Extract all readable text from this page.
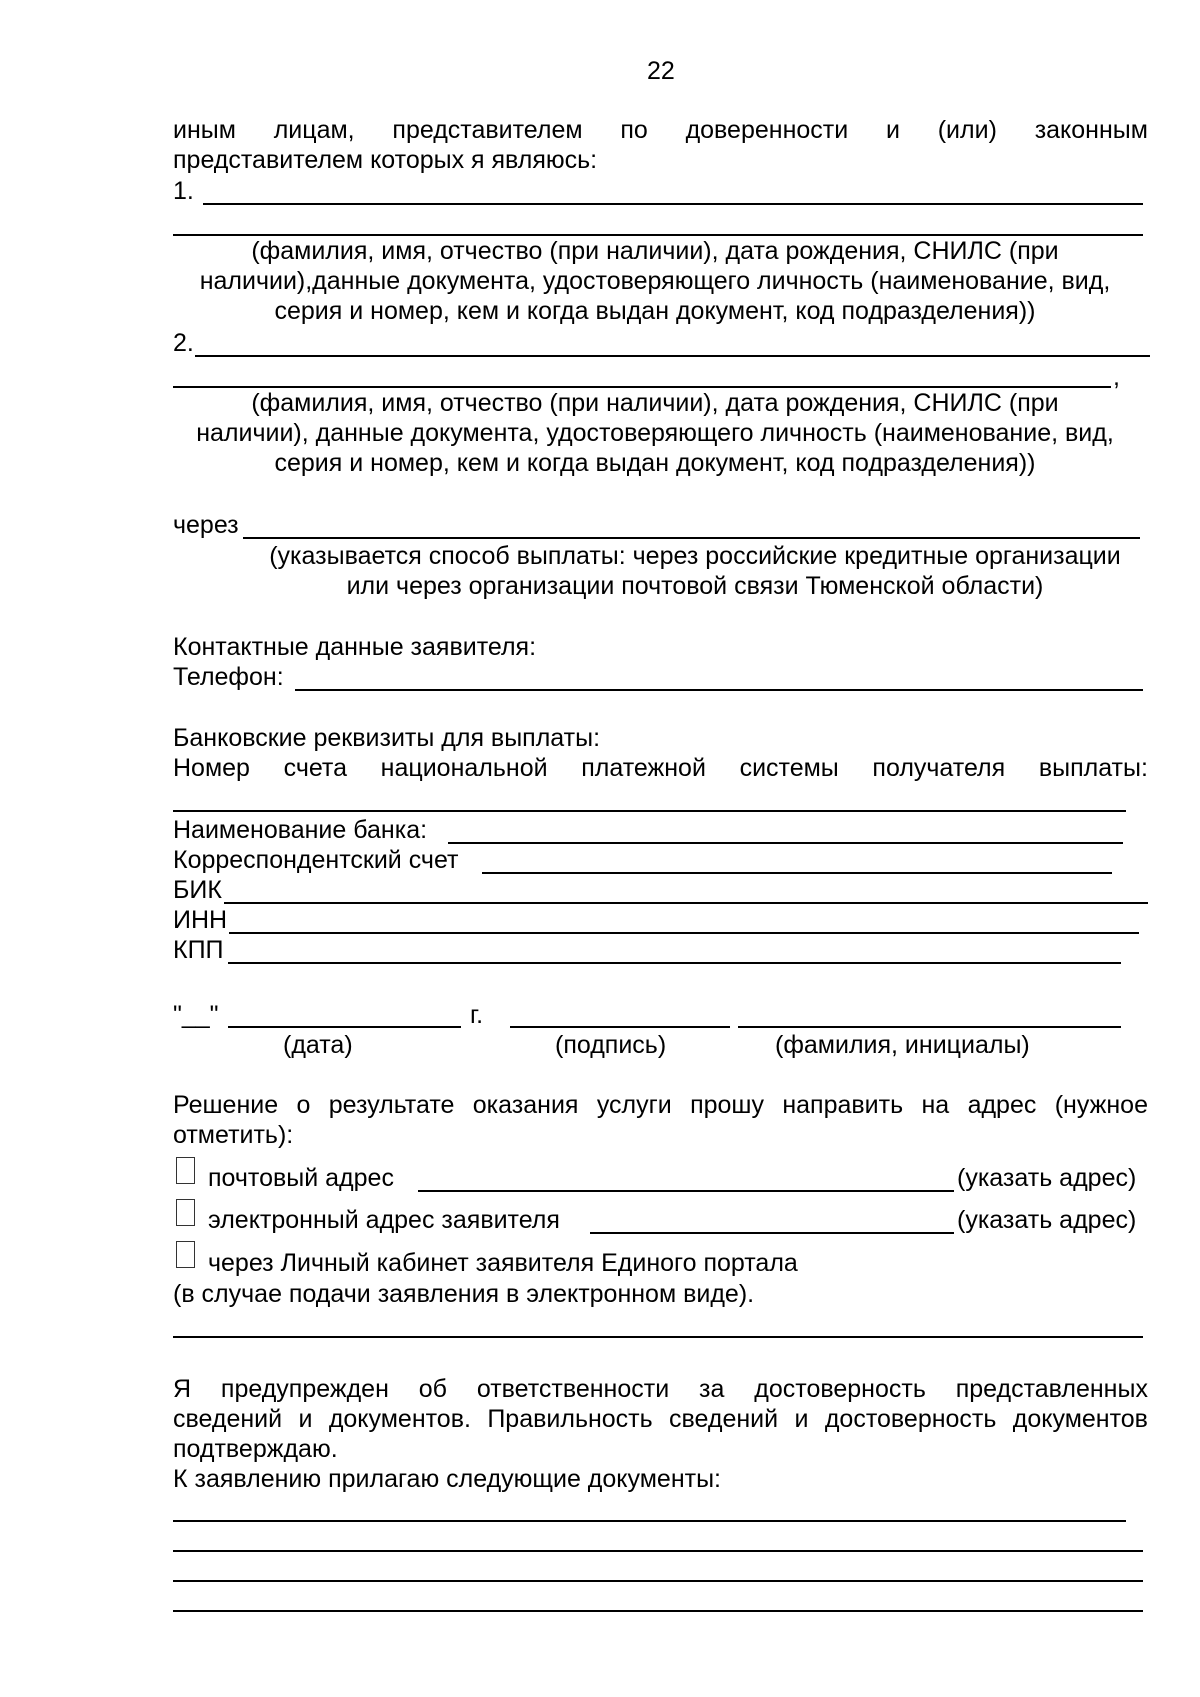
22
иным лицам, представителем по доверенности и (или) законным
представителем которых я являюсь:
1.
(фамилия, имя, отчество (при наличии), дата рождения, СНИЛС (при
наличии),данные документа, удостоверяющего личность (наименование, вид,
серия и номер, кем и когда выдан документ, код подразделения))
2.
,
(фамилия, имя, отчество (при наличии), дата рождения, СНИЛС (при
наличии), данные документа, удостоверяющего личность (наименование, вид,
серия и номер, кем и когда выдан документ, код подразделения))
через
(указывается способ выплаты: через российские кредитные организации
или через организации почтовой связи Тюменской области)
Контактные данные заявителя:
Телефон:
Банковские реквизиты для выплаты:
Номер счета национальной платежной системы получателя выплаты:
Наименование банка:
Корреспондентский счет
БИК
ИНН
КПП
"__"	г.
(дата)	(подпись)	(фамилия, инициалы)
Решение о результате оказания услуги прошу направить на адрес (нужное
отметить):
почтовый адрес	(указать адрес)
электронный адрес заявителя	(указать адрес)
через Личный кабинет заявителя Единого портала
(в случае подачи заявления в электронном виде).
Я предупрежден об ответственности за достоверность представленных
сведений и документов. Правильность сведений и достоверность документов
подтверждаю.
К заявлению прилагаю следующие документы:
